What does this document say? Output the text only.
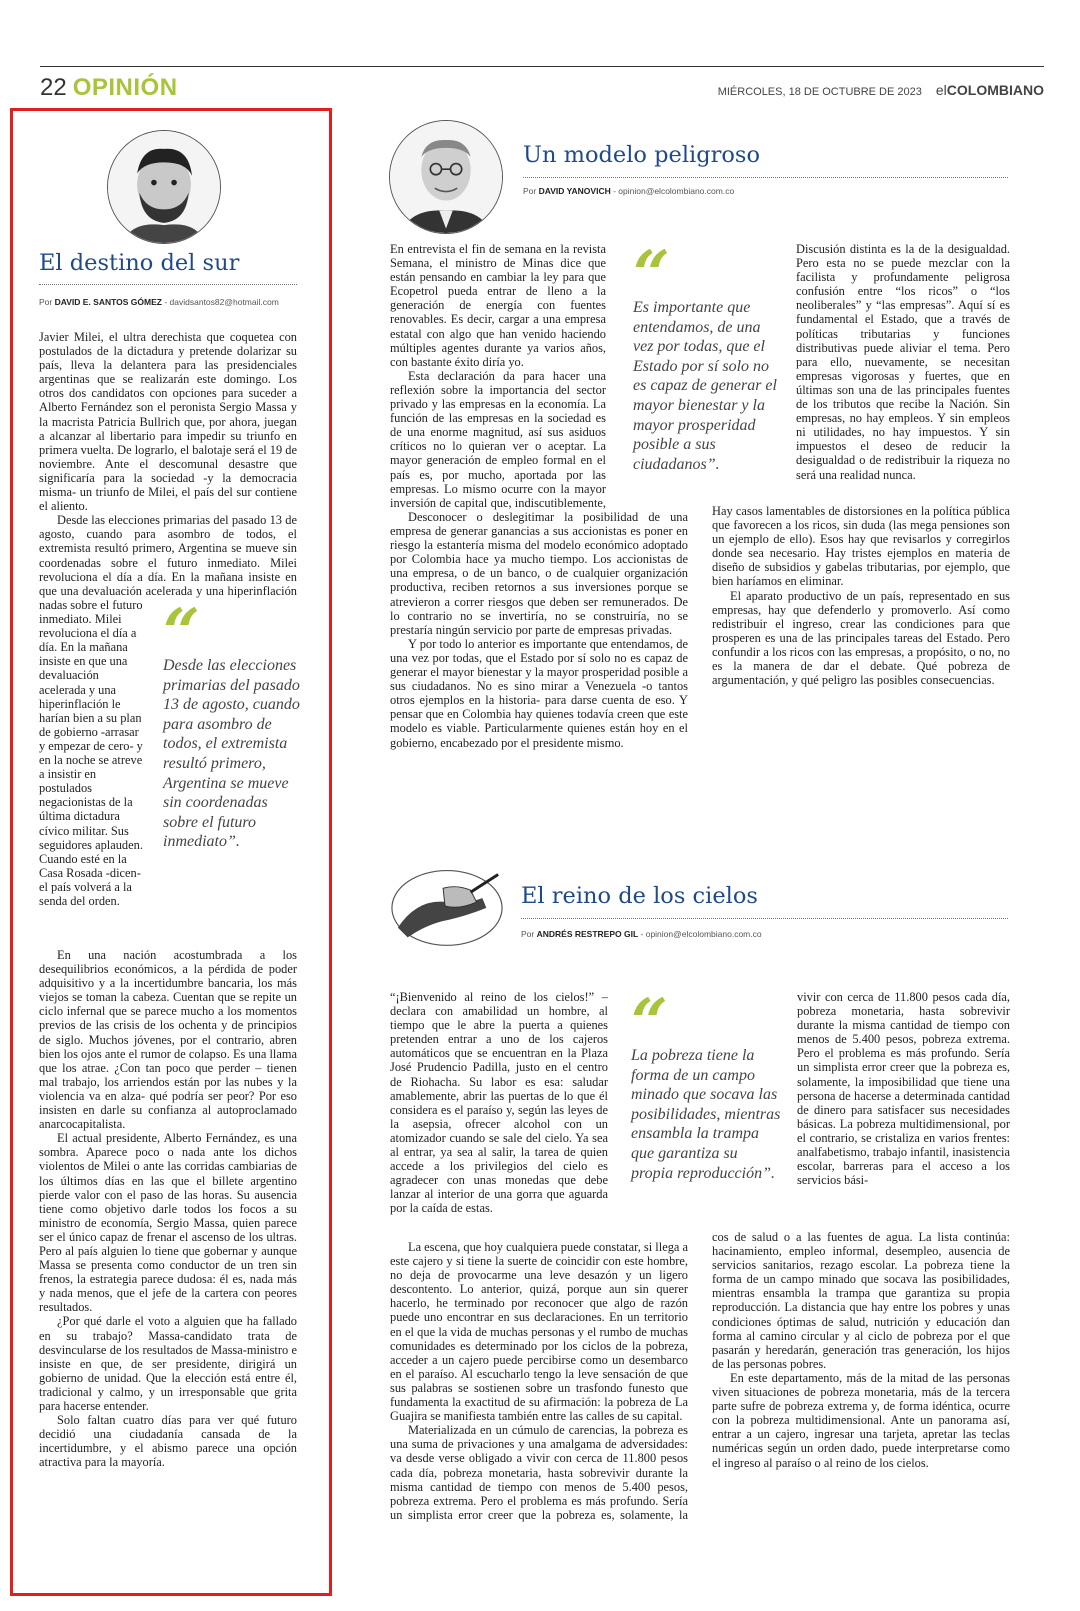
22 OPINIÓN	MIÉRCOLES, 18 DE OCTUBRE DE 2023 elCOLOMBIANO
El destino del sur
Por DAVID E. SANTOS GÓMEZ - davidsantos82@hotmail.com

Javier Milei, el ultra derechista que coquetea con postulados de la dictadura y pretende dolarizar su país, lleva la delantera para las presidenciales argentinas que se realizarán este domingo. Los otros dos candidatos con opciones para suceder a Alberto Fernández son el peronista Sergio Massa y la macrista Patricia Bullrich que, por ahora, juegan a alcanzar al libertario para impedir su triunfo en primera vuelta. De lograrlo, el balotaje será el 19 de noviembre. Ante el descomunal desastre que significaría para la sociedad -y la democracia misma- un triunfo de Milei, el país del sur contiene el aliento.

Desde las elecciones primarias del pasado 13 de agosto, cuando para asombro de todos, el extremista resultó primero, Argentina se mueve sin coordenadas sobre el futuro inmediato. Milei revoluciona el día a día. En la mañana insiste en que una devaluación acelerada y una hiperinflación

nadas sobre el futuro inmediato. Milei revoluciona el día a día. En la mañana insiste en que una devaluación acelerada y una hiperinflación le harían bien a su plan de gobierno -arrasar y empezar de cero- y en la noche se atreve a insistir en postulados negacionistas de la última dictadura cívico militar. Sus seguidores aplauden. Cuando esté en la Casa Rosada -dicen- el país volverá a la senda del orden.

“
Desde las elecciones primarias del pasado 13 de agosto, cuando para asombro de todos, el extremista resultó primero, Argentina se mueve sin coordenadas sobre el futuro inmediato”.

En una nación acostumbrada a los desequilibrios económicos, a la pérdida de poder adquisitivo y a la incertidumbre bancaria, los más viejos se toman la cabeza. Cuentan que se repite un ciclo infernal que se parece mucho a los momentos previos de las crisis de los ochenta y de principios de siglo. Muchos jóvenes, por el contrario, abren bien los ojos ante el rumor de colapso. Es una llama que los atrae. ¿Con tan poco que perder – tienen mal trabajo, los arriendos están por las nubes y la violencia va en alza- qué podría ser peor? Por eso insisten en darle su confianza al autoproclamado anarcocapitalista.

El actual presidente, Alberto Fernández, es una sombra. Aparece poco o nada ante los dichos violentos de Milei o ante las corridas cambiarias de los últimos días en las que el billete argentino pierde valor con el paso de las horas. Su ausencia tiene como objetivo darle todos los focos a su ministro de economía, Sergio Massa, quien parece ser el único capaz de frenar el ascenso de los ultras. Pero al país alguien lo tiene que gobernar y aunque Massa se presenta como conductor de un tren sin frenos, la estrategia parece dudosa: él es, nada más y nada menos, que el jefe de la cartera con peores resultados.

¿Por qué darle el voto a alguien que ha fallado en su trabajo? Massa-candidato trata de desvincularse de los resultados de Massa-ministro e insiste en que, de ser presidente, dirigirá un gobierno de unidad. Que la elección está entre él, tradicional y calmo, y un irresponsable que grita para hacerse entender.

Solo faltan cuatro días para ver qué futuro decidió una ciudadanía cansada de la incertidumbre, y el abismo parece una opción atractiva para la mayoría.

Un modelo peligroso
Por DAVID YANOVICH - opinion@elcolombiano.com.co

En entrevista el fin de semana en la revista Semana, el ministro de Minas dice que están pensando en cambiar la ley para que Ecopetrol pueda entrar de lleno a la generación de energía con fuentes renovables. Es decir, cargar a una empresa estatal con algo que han venido haciendo múltiples agentes durante ya varios años, con bastante éxito diría yo.

Esta declaración da para hacer una reflexión sobre la importancia del sector privado y las empresas en la economía. La función de las empresas en la sociedad es de una enorme magnitud, así sus asiduos críticos no lo quieran ver o aceptar. La mayor generación de empleo formal en el país es, por mucho, aportada por las empresas. Lo mismo ocurre con la mayor inversión de capital que, indiscutiblemente,

“
Es importante que entendamos, de una vez por todas, que el Estado por sí solo no es capaz de generar el mayor bienestar y la mayor prosperidad posible a sus ciudadanos”.

Desconocer o deslegitimar la posibilidad de una empresa de generar ganancias a sus accionistas es poner en riesgo la estantería misma del modelo económico adoptado por Colombia hace ya mucho tiempo. Los accionistas de una empresa, o de un banco, o de cualquier organización productiva, reciben retornos a sus inversiones porque se atrevieron a correr riesgos que deben ser remunerados. De lo contrario no se invertiría, no se construiría, no se prestaría ningún servicio por parte de empresas privadas.

Y por todo lo anterior es importante que entendamos, de una vez por todas, que el Estado por sí solo no es capaz de generar el mayor bienestar y la mayor prosperidad posible a sus ciudadanos. No es sino mirar a Venezuela -o tantos otros ejemplos en la historia- para darse cuenta de eso. Y pensar que en Colombia hay quienes todavía creen que este modelo es viable. Particularmente quienes están hoy en el gobierno, encabezado por el presidente mismo.

Discusión distinta es la de la desigualdad. Pero esta no se puede mezclar con la facilista y profundamente peligrosa confusión entre “los ricos” o “los neoliberales” y “las empresas”. Aquí sí es fundamental el Estado, que a través de políticas tributarias y funciones distributivas puede aliviar el tema. Pero para ello, nuevamente, se necesitan empresas vigorosas y fuertes, que en últimas son una de las principales fuentes de los tributos que recibe la Nación. Sin empresas, no hay empleos. Y sin empleos ni utilidades, no hay impuestos. Y sin impuestos el deseo de reducir la desigualdad o de redistribuir la riqueza no será una realidad nunca.

Hay casos lamentables de distorsiones en la política pública que favorecen a los ricos, sin duda (las mega pensiones son un ejemplo de ello). Esos hay que revisarlos y corregirlos donde sea necesario. Hay tristes ejemplos en materia de diseño de subsidios y gabelas tributarias, por ejemplo, que bien haríamos en eliminar.

El aparato productivo de un país, representado en sus empresas, hay que defenderlo y promoverlo. Así como redistribuir el ingreso, crear las condiciones para que prosperen es una de las principales tareas del Estado. Pero confundir a los ricos con las empresas, a propósito, o no, no es la manera de dar el debate. Qué pobreza de argumentación, y qué peligro las posibles consecuencias.

El reino de los cielos
Por ANDRÉS RESTREPO GIL - opinion@elcolombiano.com.co

“¡Bienvenido al reino de los cielos!” – declara con amabilidad un hombre, al tiempo que le abre la puerta a quienes pretenden entrar a uno de los cajeros automáticos que se encuentran en la Plaza José Prudencio Padilla, justo en el centro de Riohacha. Su labor es esa: saludar amablemente, abrir las puertas de lo que él considera es el paraíso y, según las leyes de la asepsia, ofrecer alcohol con un atomizador cuando se sale del cielo. Ya sea al entrar, ya sea al salir, la tarea de quien accede a los privilegios del cielo es agradecer con unas monedas que debe lanzar al interior de una gorra que aguarda por la caída de estas.

“
La pobreza tiene la forma de un campo minado que socava las posibilidades, mientras ensambla la trampa que garantiza su propia reproducción”.

La escena, que hoy cualquiera puede constatar, si llega a este cajero y si tiene la suerte de coincidir con este hombre, no deja de provocarme una leve desazón y un ligero descontento. Lo anterior, quizá, porque aun sin querer hacerlo, he terminado por reconocer que algo de razón puede uno encontrar en sus declaraciones. En un territorio en el que la vida de muchas personas y el rumbo de muchas comunidades es determinado por los ciclos de la pobreza, acceder a un cajero puede percibirse como un desembarco en el paraíso. Al escucharlo tengo la leve sensación de que sus palabras se sostienen sobre un trasfondo funesto que fundamenta la exactitud de su afirmación: la pobreza de La Guajira se manifiesta también entre las calles de su capital.

Materializada en un cúmulo de carencias, la pobreza es una suma de privaciones y una amalgama de adversidades: va desde verse obligado a vivir con cerca de 11.800 pesos cada día, pobreza monetaria, hasta sobrevivir durante la misma cantidad de tiempo con menos de 5.400 pesos, pobreza extrema. Pero el problema es más profundo. Sería un simplista error creer que la pobreza es, solamente, la

vivir con cerca de 11.800 pesos cada día, pobreza monetaria, hasta sobrevivir durante la misma cantidad de tiempo con menos de 5.400 pesos, pobreza extrema. Pero el problema es más profundo. Sería un simplista error creer que la pobreza es, solamente, la imposibilidad que tiene una persona de hacerse a determinada cantidad de dinero para satisfacer sus necesidades básicas. La pobreza multidimensional, por el contrario, se cristaliza en varios frentes: analfabetismo, trabajo infantil, inasistencia escolar, barreras para el acceso a los servicios bási-

cos de salud o a las fuentes de agua. La lista continúa: hacinamiento, empleo informal, desempleo, ausencia de servicios sanitarios, rezago escolar. La pobreza tiene la forma de un campo minado que socava las posibilidades, mientras ensambla la trampa que garantiza su propia reproducción. La distancia que hay entre los pobres y unas condiciones óptimas de salud, nutrición y educación dan forma al camino circular y al ciclo de pobreza por el que pasarán y heredarán, generación tras generación, los hijos de las personas pobres.

En este departamento, más de la mitad de las personas viven situaciones de pobreza monetaria, más de la tercera parte sufre de pobreza extrema y, de forma idéntica, ocurre con la pobreza multidimensional. Ante un panorama así, entrar a un cajero, ingresar una tarjeta, apretar las teclas numéricas según un orden dado, puede interpretarse como el ingreso al paraíso o al reino de los cielos.
